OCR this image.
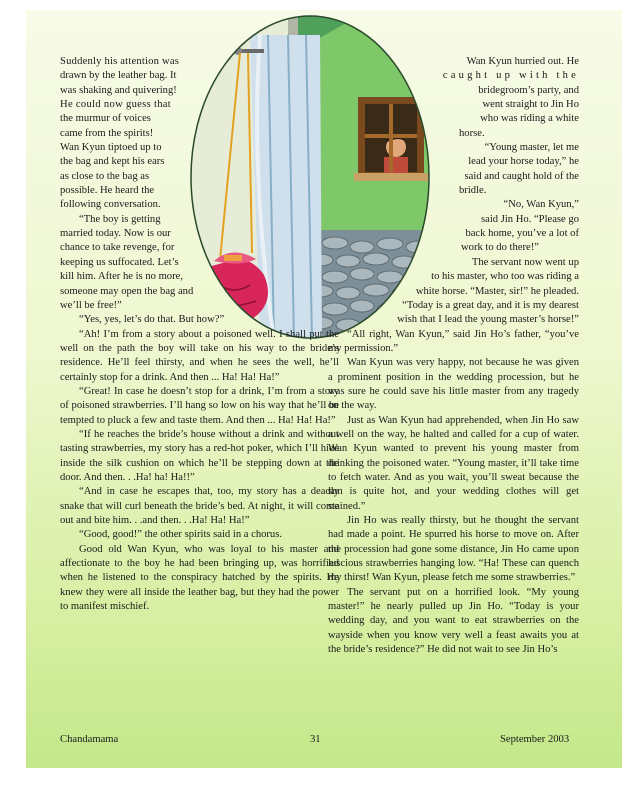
Suddenly his attention was
drawn by the leather bag. It
was shaking and quivering!
He could now guess that
the murmur of voices
came from the spirits!
Wan Kyun tiptoed up to
the bag and kept his ears
as close to the bag as
possible. He heard the
following conversation.
“The boy is getting
married today. Now is our
chance to take revenge, for
keeping us suffocated. Let’s
kill him. After he is no more,
someone may open the bag and
we’ll be free!”

“Yes, yes, let’s do that. But how?”

“Ah! I’m from a story about a poisoned well. I shall put the well on the path the boy will take on his way to the bride’s residence. He’ll feel thirsty, and when he sees the well, he’ll certainly stop for a drink. And then ... Ha! Ha! Ha!”

“Great! In case he doesn’t stop for a drink, I’m from a story of poisoned strawberries. I’ll hang so low on his way that he’ll be tempted to pluck a few and taste them. And then ... Ha! Ha! Ha!”

“If he reaches the bride’s house without a drink and without tasting strawberries, my story has a red-hot poker, which I’ll hide inside the silk cushion on which he’ll be stepping down at the door. And then. . .Ha! ha! Ha!!”

“And in case he escapes that, too, my story has a deadly snake that will curl beneath the bride’s bed. At night, it will come out and bite him. . .and then. . .Ha! Ha! Ha!”

“Good, good!” the other spirits said in a chorus.

Good old Wan Kyun, who was loyal to his master and affectionate to the boy he had been bringing up, was horrified when he listened to the conspiracy hatched by the spirits. He knew they were all inside the leather bag, but they had the power to manifest mischief.

Wan Kyun hurried out. He
caught up with the
bridegroom’s party, and
went straight to Jin Ho
who was riding a white
horse.
“Young master, let me
lead your horse today,” he
said and caught hold of the
bridle.
“No, Wan Kyun,”
said Jin Ho. “Please go
back home, you’ve a lot of
work to do there!”
The servant now went up
to his master, who too was riding a
white horse. “Master, sir!” he pleaded.
“Today is a great day, and it is my dearest
wish that I lead the young master’s horse!”

“All right, Wan Kyun,” said Jin Ho’s father, “you’ve my permission.”

Wan Kyun was very happy, not because he was given a prominent position in the wedding procession, but he was sure he could save his little master from any tragedy on the way.

Just as Wan Kyun had apprehended, when Jin Ho saw a well on the way, he halted and called for a cup of water. Wan Kyun wanted to prevent his young master from drinking the poisoned water. “Young master, it’ll take time to fetch water. And as you wait, you’ll sweat because the sun is quite hot, and your wedding clothes will get stained.”

Jin Ho was really thirsty, but he thought the servant had made a point. He spurred his horse to move on. After the procession had gone some distance, Jin Ho came upon luscious strawberries hanging low. “Ha! These can quench my thirst! Wan Kyun, please fetch me some strawberries.”

The servant put on a horrified look. “My young master!” he nearly pulled up Jin Ho. “Today is your wedding day, and you want to eat strawberries on the wayside when you know very well a feast awaits you at the bride’s residence?” He did not wait to see Jin Ho’s

Chandamama	31	September 2003
